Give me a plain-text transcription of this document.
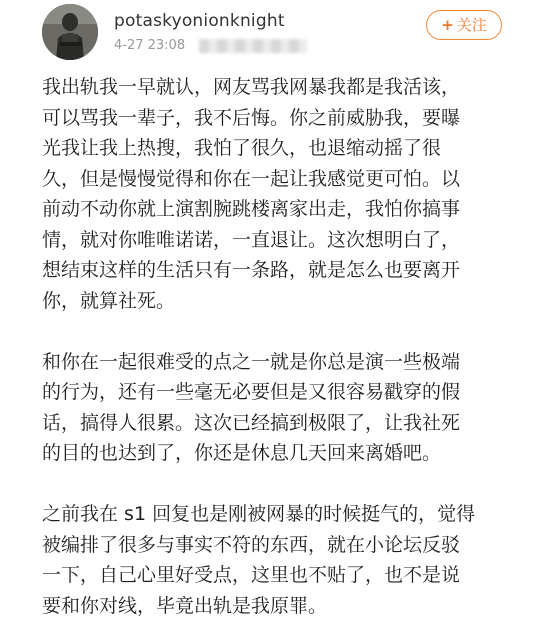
potaskyonionknight
4-27 23:08
+ 关注

我出轨我一早就认，网友骂我网暴我都是我活该，
可以骂我一辈子，我不后悔。你之前威胁我，要曝
光我让我上热搜，我怕了很久，也退缩动摇了很
久，但是慢慢觉得和你在一起让我感觉更可怕。以
前动不动你就上演割腕跳楼离家出走，我怕你搞事
情，就对你唯唯诺诺，一直退让。这次想明白了，
想结束这样的生活只有一条路，就是怎么也要离开
你，就算社死。

和你在一起很难受的点之一就是你总是演一些极端
的行为，还有一些毫无必要但是又很容易戳穿的假
话，搞得人很累。这次已经搞到极限了，让我社死
的目的也达到了，你还是休息几天回来离婚吧。

之前我在 s1 回复也是刚被网暴的时候挺气的，觉得
被编排了很多与事实不符的东西，就在小论坛反驳
一下，自己心里好受点，这里也不贴了，也不是说
要和你对线，毕竟出轨是我原罪。
